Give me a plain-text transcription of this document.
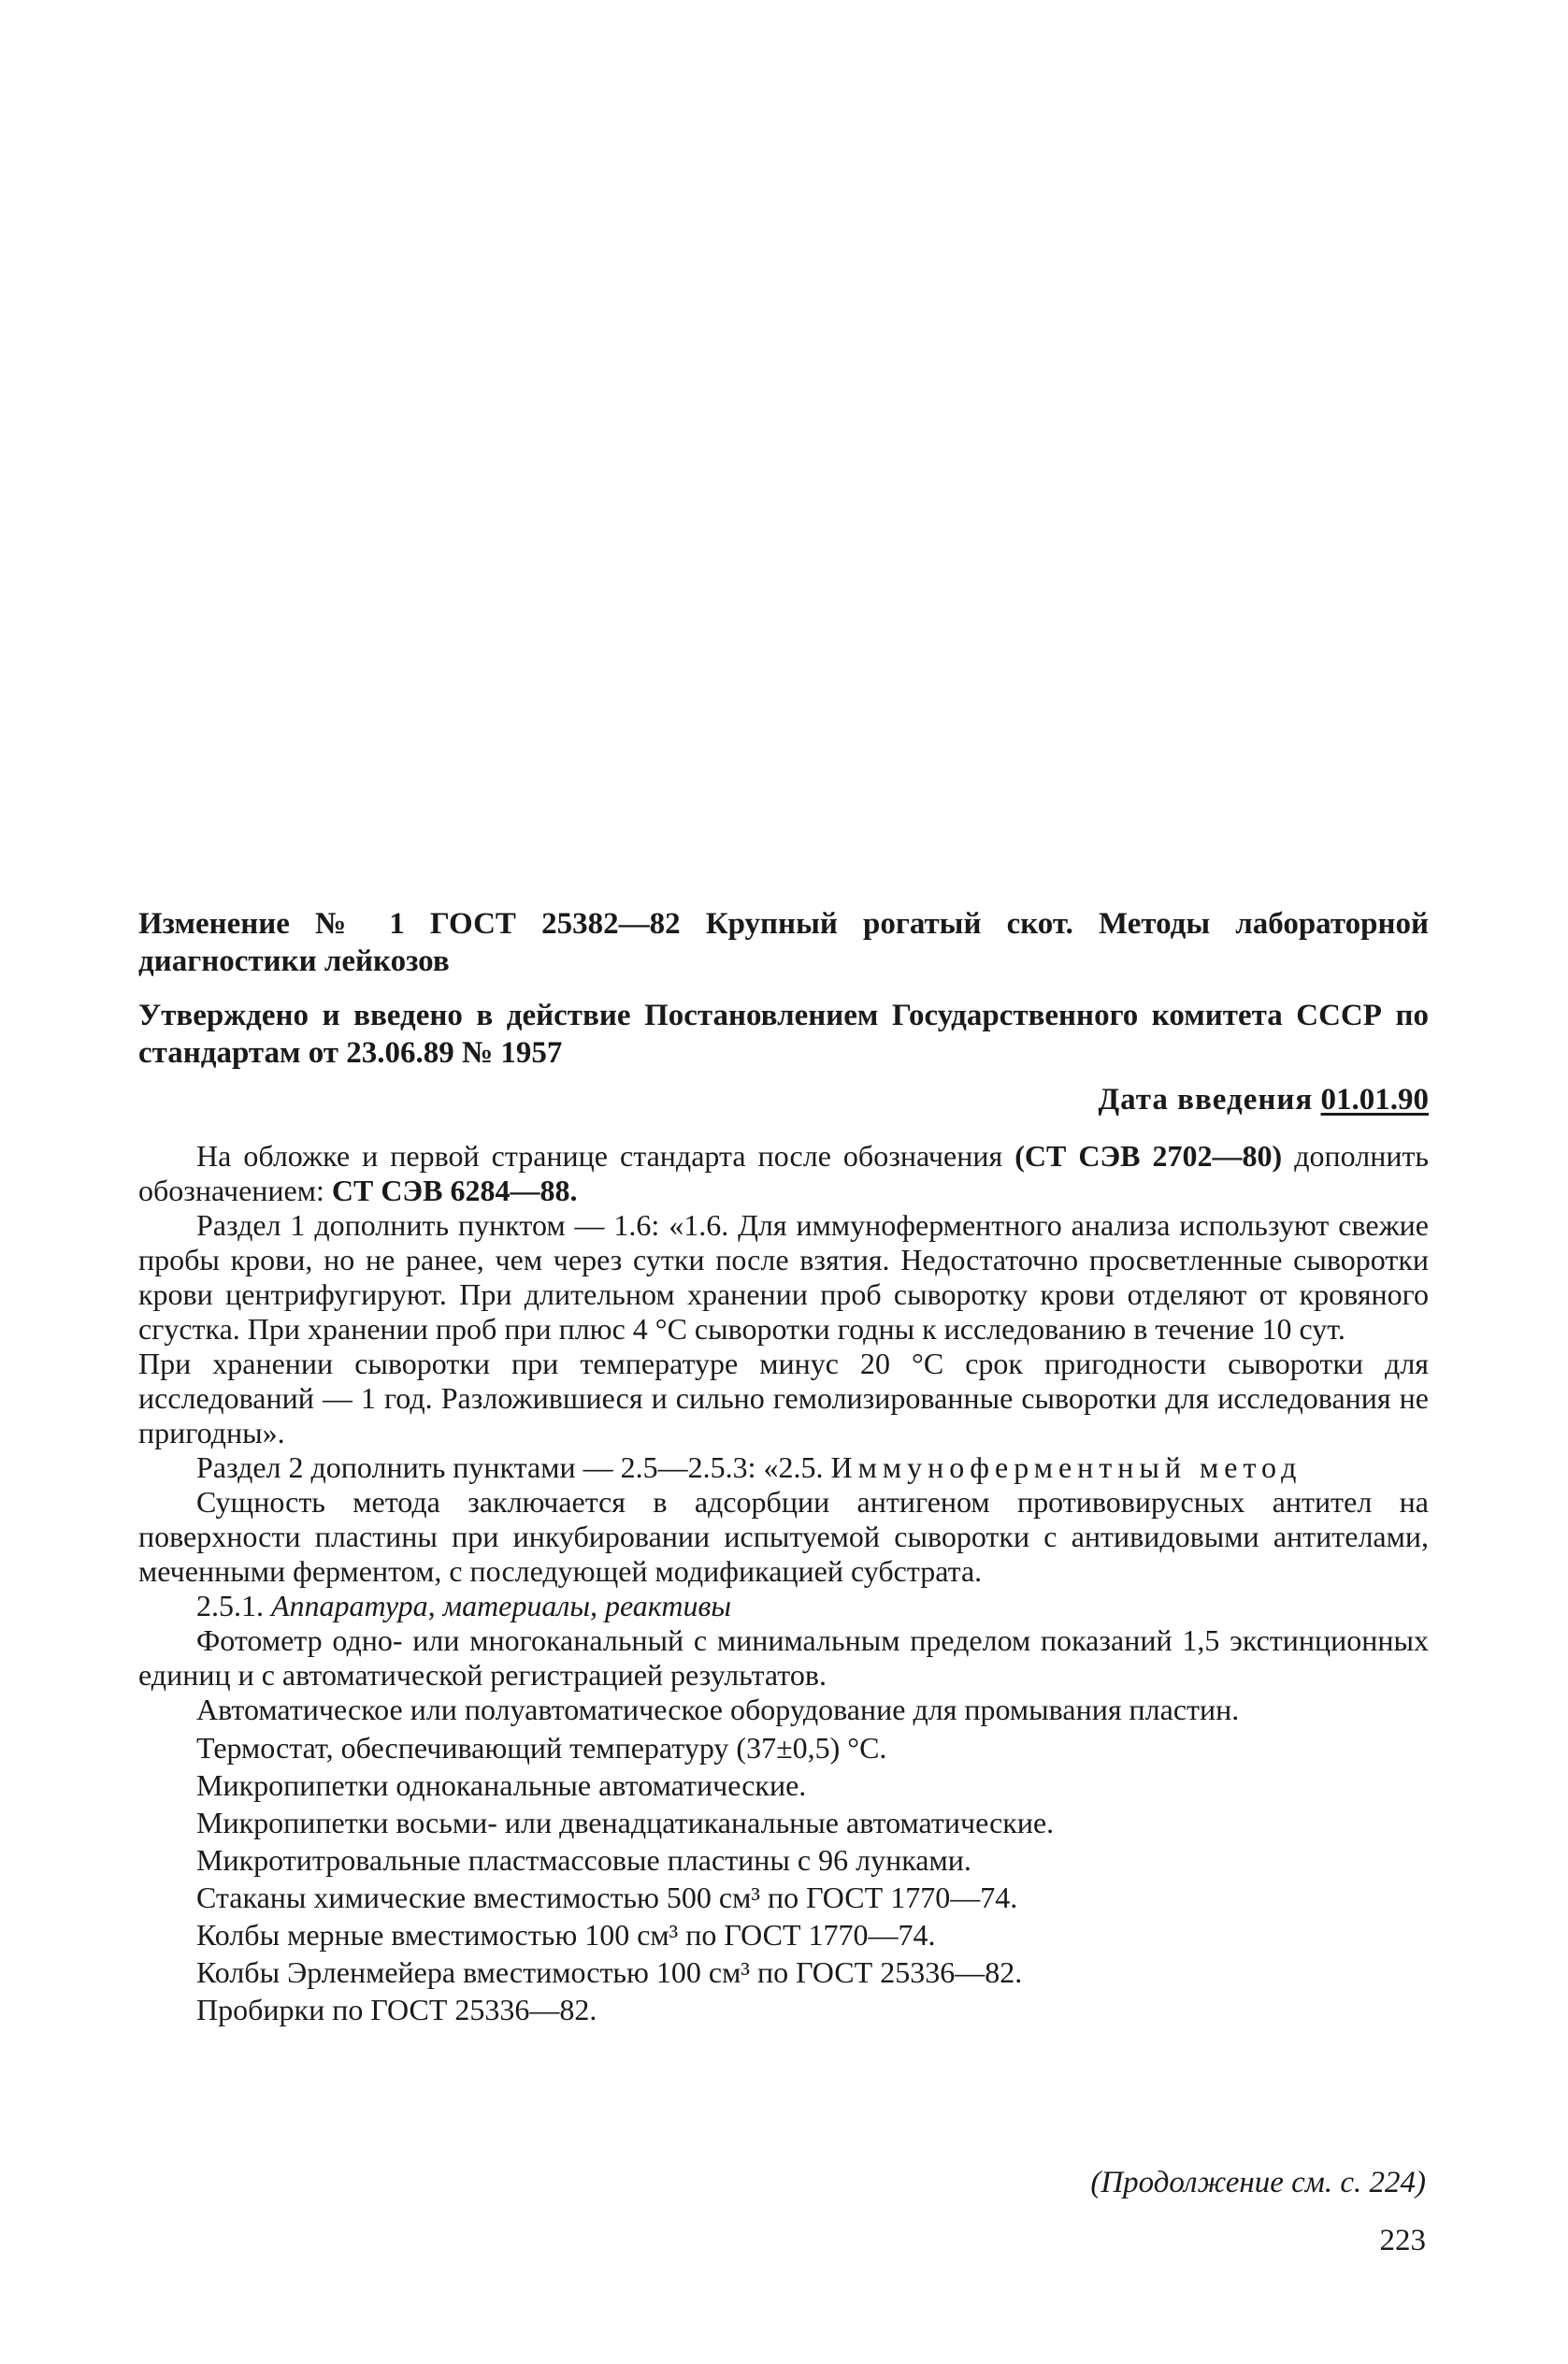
Изменение № 1 ГОСТ 25382—82 Крупный рогатый скот. Методы лабораторной диагностики лейкозов

Утверждено и введено в действие Постановлением Государственного комитета СССР по стандартам от 23.06.89 № 1957

Дата введения 01.01.90

На обложке и первой странице стандарта после обозначения (СТ СЭВ 2702—80) дополнить обозначением: СТ СЭВ 6284—88.

Раздел 1 дополнить пунктом — 1.6: «1.6. Для иммуноферментного анализа используют свежие пробы крови, но не ранее, чем через сутки после взятия. Недостаточно просветленные сыворотки крови центрифугируют. При длительном хранении проб сыворотку крови отделяют от кровяного сгустка. При хранении проб при плюс 4 °С сыворотки годны к исследованию в течение 10 сут.

При хранении сыворотки при температуре минус 20 °С срок пригодности сыворотки для исследований — 1 год. Разложившиеся и сильно гемолизированные сыворотки для исследования не пригодны».

Раздел 2 дополнить пунктами — 2.5—2.5.3: «2.5. Иммуноферментный метод

Сущность метода заключается в адсорбции антигеном противовирусных антител на поверхности пластины при инкубировании испытуемой сыворотки с антивидовыми антителами, меченными ферментом, с последующей модификацией субстрата.

2.5.1. Аппаратура, материалы, реактивы

Фотометр одно- или многоканальный с минимальным пределом показаний 1,5 экстинционных единиц и с автоматической регистрацией результатов.

Автоматическое или полуавтоматическое оборудование для промывания пластин.

Термостат, обеспечивающий температуру (37±0,5) °С.

Микропипетки одноканальные автоматические.

Микропипетки восьми- или двенадцатиканальные автоматические.

Микротитровальные пластмассовые пластины с 96 лунками.

Стаканы химические вместимостью 500 см³ по ГОСТ 1770—74.

Колбы мерные вместимостью 100 см³ по ГОСТ 1770—74.

Колбы Эрленмейера вместимостью 100 см³ по ГОСТ 25336—82.

Пробирки по ГОСТ 25336—82.

(Продолжение см. с. 224)
223
